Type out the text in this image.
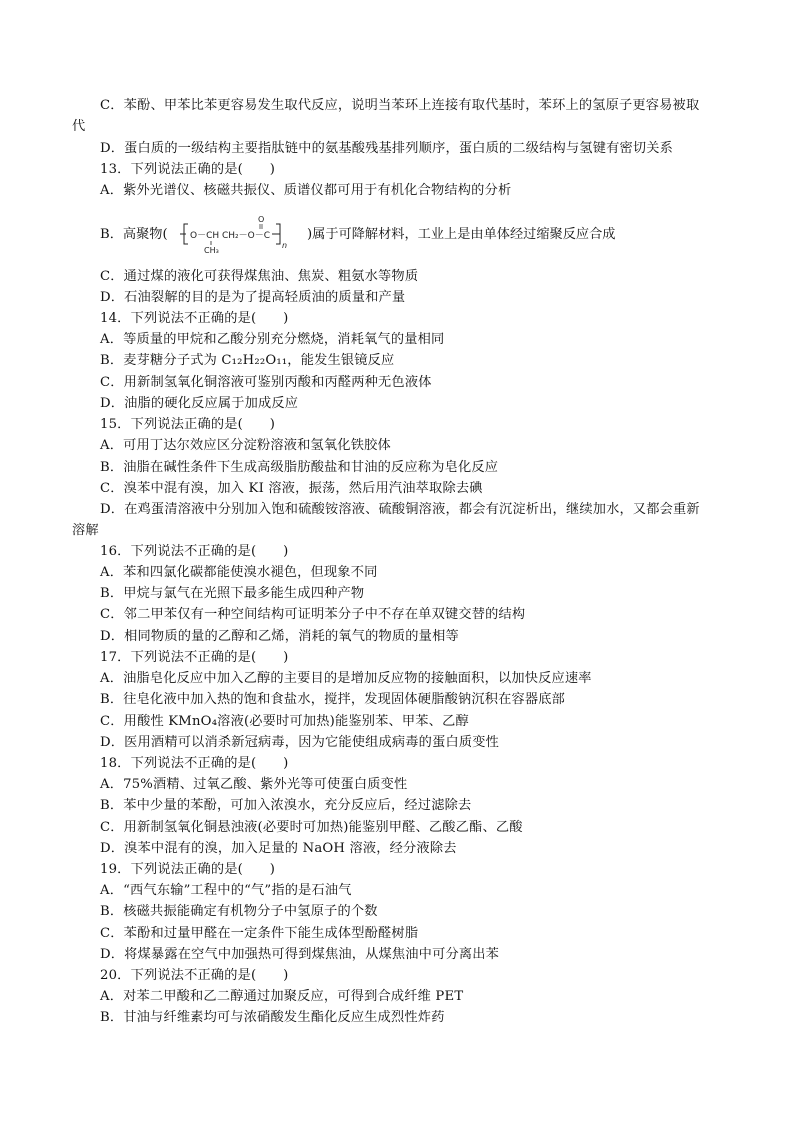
C．苯酚、甲苯比苯更容易发生取代反应，说明当苯环上连接有取代基时，苯环上的氢原子更容易被取
代
D．蛋白质的一级结构主要指肽链中的氨基酸残基排列顺序，蛋白质的二级结构与氢键有密切关系
13．下列说法正确的是(　　)
A．紫外光谱仪、核磁共振仪、质谱仪都可用于有机化合物结构的分析
B．高聚物( O－CH CH₂－O－C
CH₃
O
n
)属于可降解材料，工业上是由单体经过缩聚反应合成
C．通过煤的液化可获得煤焦油、焦炭、粗氨水等物质
D．石油裂解的目的是为了提高轻质油的质量和产量
14．下列说法不正确的是(　　)
A．等质量的甲烷和乙酸分别充分燃烧，消耗氧气的量相同
B．麦芽糖分子式为 C₁₂H₂₂O₁₁，能发生银镜反应
C．用新制氢氧化铜溶液可鉴别丙酸和丙醛两种无色液体
D．油脂的硬化反应属于加成反应
15．下列说法正确的是(　　)
A．可用丁达尔效应区分淀粉溶液和氢氧化铁胶体
B．油脂在碱性条件下生成高级脂肪酸盐和甘油的反应称为皂化反应
C．溴苯中混有溴，加入 KI 溶液，振荡，然后用汽油萃取除去碘
D．在鸡蛋清溶液中分别加入饱和硫酸铵溶液、硫酸铜溶液，都会有沉淀析出，继续加水，又都会重新
溶解
16．下列说法不正确的是(　　)
A．苯和四氯化碳都能使溴水褪色，但现象不同
B．甲烷与氯气在光照下最多能生成四种产物
C．邻二甲苯仅有一种空间结构可证明苯分子中不存在单双键交替的结构
D．相同物质的量的乙醇和乙烯，消耗的氧气的物质的量相等
17．下列说法不正确的是(　　)
A．油脂皂化反应中加入乙醇的主要目的是增加反应物的接触面积，以加快反应速率
B．往皂化液中加入热的饱和食盐水，搅拌，发现固体硬脂酸钠沉积在容器底部
C．用酸性 KMnO₄溶液(必要时可加热)能鉴别苯、甲苯、乙醇
D．医用酒精可以消杀新冠病毒，因为它能使组成病毒的蛋白质变性
18．下列说法不正确的是(　　)
A．75%酒精、过氧乙酸、紫外光等可使蛋白质变性
B．苯中少量的苯酚，可加入浓溴水，充分反应后，经过滤除去
C．用新制氢氧化铜悬浊液(必要时可加热)能鉴别甲醛、乙酸乙酯、乙酸
D．溴苯中混有的溴，加入足量的 NaOH 溶液，经分液除去
19．下列说法正确的是(　　)
A．“西气东输”工程中的“气”指的是石油气
B．核磁共振能确定有机物分子中氢原子的个数
C．苯酚和过量甲醛在一定条件下能生成体型酚醛树脂
D．将煤暴露在空气中加强热可得到煤焦油，从煤焦油中可分离出苯
20．下列说法不正确的是(　　)
A．对苯二甲酸和乙二醇通过加聚反应，可得到合成纤维 PET
B．甘油与纤维素均可与浓硝酸发生酯化反应生成烈性炸药
